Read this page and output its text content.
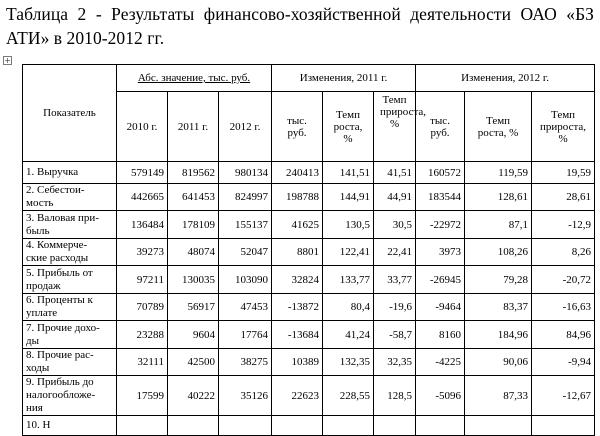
Таблица 2 - Результаты финансово-хозяйственной деятельности ОАО «БЗ
АТИ» в 2010-2012 гг.
+
Показатель	Абс. значение, тыс. руб.			Изменения, 2011 г.			Изменения, 2012 г.		
	2010 г.	2011 г.	2012 г.	тыс. руб.	Темп роста, %	Темп прироста, %	тыс. руб.	Темп роста, %	Темп прироста, %

1. Выручка	579149	819562	980134	240413	141,51	41,51	160572	119,59	19,59

2. Себестои-
мость	442665	641453	824997	198788	144,91	44,91	183544	128,61	28,61

3. Валовая при-
быль	136484	178109	155137	41625	130,5	30,5	-22972	87,1	-12,9

4. Коммерче-
ские расходы	39273	48074	52047	8801	122,41	22,41	3973	108,26	8,26

5. Прибыль от
продаж	97211	130035	103090	32824	133,77	33,77	-26945	79,28	-20,72

6. Проценты к
уплате	70789	56917	47453	-13872	80,4	-19,6	-9464	83,37	-16,63

7. Прочие дохо-
ды	23288	9604	17764	-13684	41,24	-58,7	8160	184,96	84,96

8. Прочие рас-
ходы	32111	42500	38275	10389	132,35	32,35	-4225	90,06	-9,94

9. Прибыль до
налогообложе-
ния	17599	40222	35126	22623	228,55	128,5	-5096	87,33	-12,67

10. Н									
